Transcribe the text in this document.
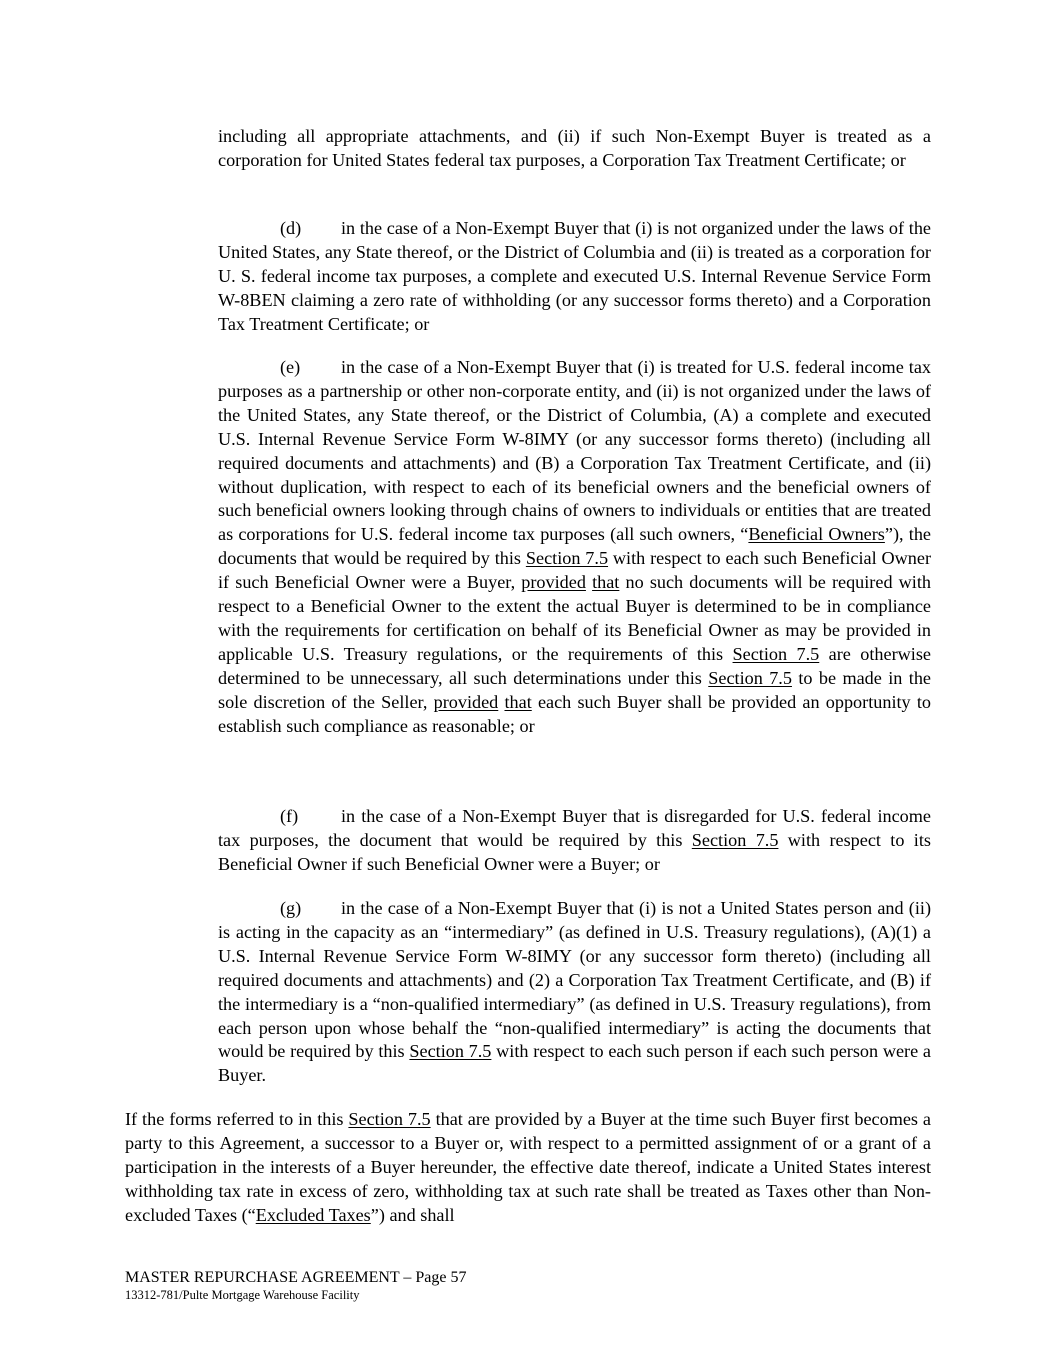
including all appropriate attachments, and (ii) if such Non-Exempt Buyer is treated as a corporation for United States federal tax purposes, a Corporation Tax Treatment Certificate; or

(d) in the case of a Non-Exempt Buyer that (i) is not organized under the laws of the United States, any State thereof, or the District of Columbia and (ii) is treated as a corporation for U. S. federal income tax purposes, a complete and executed U.S. Internal Revenue Service Form W-8BEN claiming a zero rate of withholding (or any successor forms thereto) and a Corporation Tax Treatment Certificate; or

(e) in the case of a Non-Exempt Buyer that (i) is treated for U.S. federal income tax purposes as a partnership or other non-corporate entity, and (ii) is not organized under the laws of the United States, any State thereof, or the District of Columbia, (A) a complete and executed U.S. Internal Revenue Service Form W-8IMY (or any successor forms thereto) (including all required documents and attachments) and (B) a Corporation Tax Treatment Certificate, and (ii) without duplication, with respect to each of its beneficial owners and the beneficial owners of such beneficial owners looking through chains of owners to individuals or entities that are treated as corporations for U.S. federal income tax purposes (all such owners, “Beneficial Owners”), the documents that would be required by this Section 7.5 with respect to each such Beneficial Owner if such Beneficial Owner were a Buyer, provided that no such documents will be required with respect to a Beneficial Owner to the extent the actual Buyer is determined to be in compliance with the requirements for certification on behalf of its Beneficial Owner as may be provided in applicable U.S. Treasury regulations, or the requirements of this Section 7.5 are otherwise determined to be unnecessary, all such determinations under this Section 7.5 to be made in the sole discretion of the Seller, provided that each such Buyer shall be provided an opportunity to establish such compliance as reasonable; or

(f) in the case of a Non-Exempt Buyer that is disregarded for U.S. federal income tax purposes, the document that would be required by this Section 7.5 with respect to its Beneficial Owner if such Beneficial Owner were a Buyer; or

(g) in the case of a Non-Exempt Buyer that (i) is not a United States person and (ii) is acting in the capacity as an “intermediary” (as defined in U.S. Treasury regulations), (A)(1) a U.S. Internal Revenue Service Form W-8IMY (or any successor form thereto) (including all required documents and attachments) and (2) a Corporation Tax Treatment Certificate, and (B) if the intermediary is a “non-qualified intermediary” (as defined in U.S. Treasury regulations), from each person upon whose behalf the “non-qualified intermediary” is acting the documents that would be required by this Section 7.5 with respect to each such person if each such person were a Buyer.

If the forms referred to in this Section 7.5 that are provided by a Buyer at the time such Buyer first becomes a party to this Agreement, a successor to a Buyer or, with respect to a permitted assignment of or a grant of a participation in the interests of a Buyer hereunder, the effective date thereof, indicate a United States interest withholding tax rate in excess of zero, withholding tax at such rate shall be treated as Taxes other than Non-excluded Taxes (“Excluded Taxes”) and shall

MASTER REPURCHASE AGREEMENT – Page 57
13312-781/Pulte Mortgage Warehouse Facility
